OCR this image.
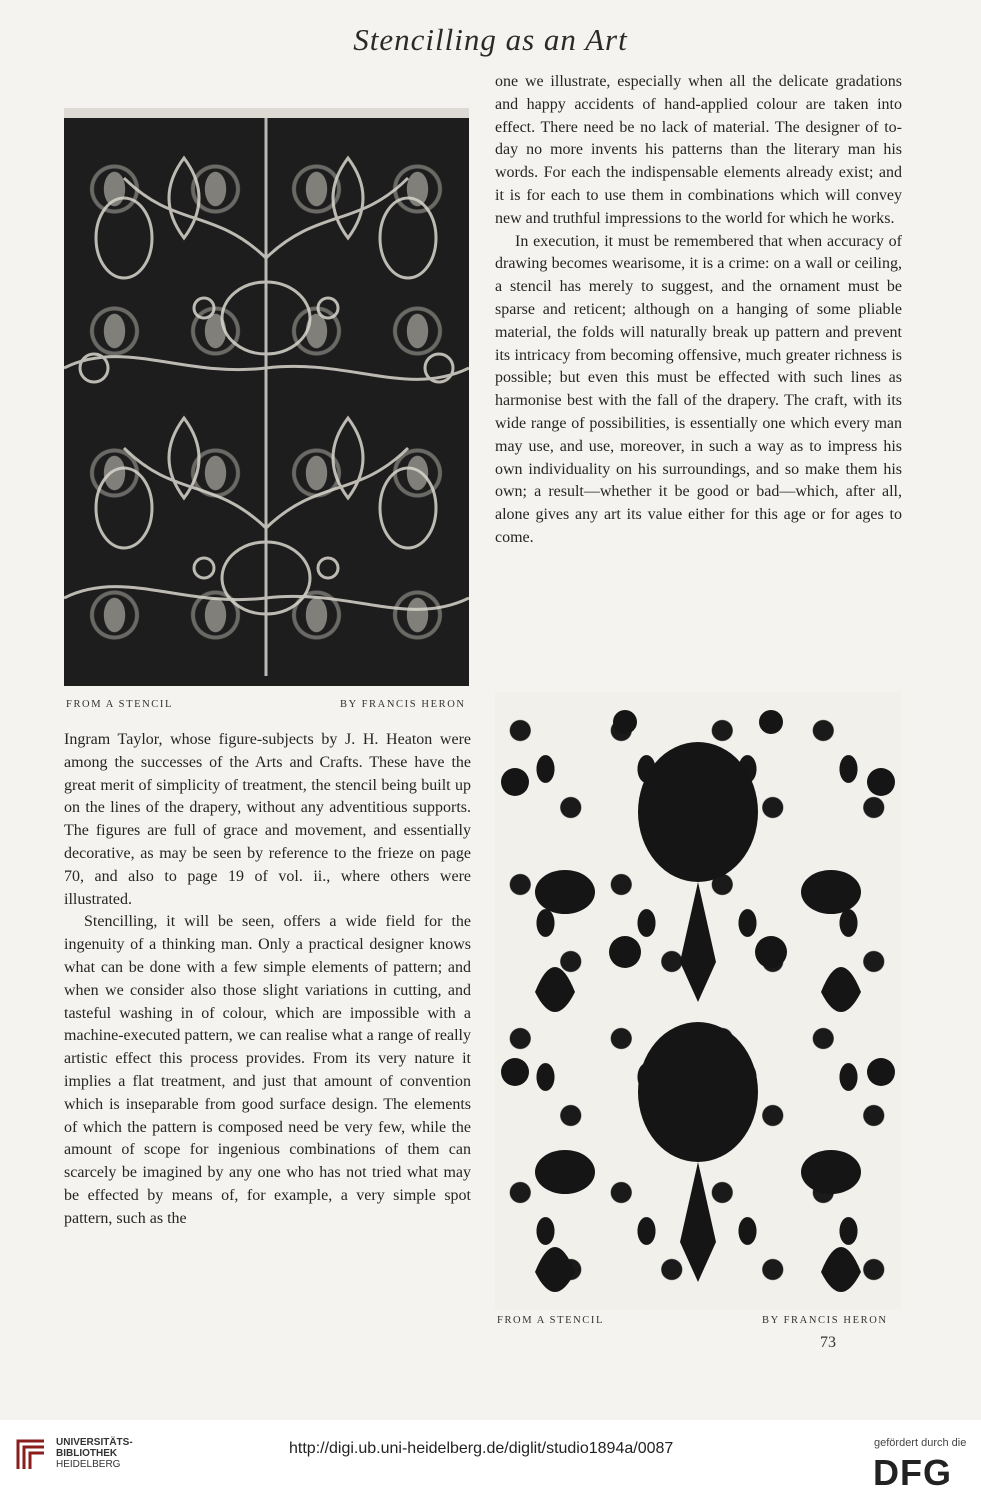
Stencilling as an Art
FROM A STENCIL	BY FRANCIS HERON

one we illustrate, especially when all the delicate gradations and happy accidents of hand-applied colour are taken into effect. There need be no lack of material. The designer of to-day no more invents his patterns than the literary man his words. For each the indispensable elements already exist; and it is for each to use them in combinations which will convey new and truthful impressions to the world for which he works.

In execution, it must be remembered that when accuracy of drawing becomes wearisome, it is a crime: on a wall or ceiling, a stencil has merely to suggest, and the ornament must be sparse and reticent; although on a hanging of some pliable material, the folds will naturally break up pattern and prevent its intricacy from becoming offensive, much greater richness is possible; but even this must be effected with such lines as harmonise best with the fall of the drapery. The craft, with its wide range of possibilities, is essentially one which every man may use, and use, moreover, in such a way as to impress his own individuality on his surroundings, and so make them his own; a result—whether it be good or bad—which, after all, alone gives any art its value either for this age or for ages to come.

FROM A STENCIL	BY FRANCIS HERON

Ingram Taylor, whose figure-subjects by J. H. Heaton were among the successes of the Arts and Crafts. These have the great merit of simplicity of treatment, the stencil being built up on the lines of the drapery, without any adventitious supports. The figures are full of grace and movement, and essentially decorative, as may be seen by reference to the frieze on page 70, and also to page 19 of vol. ii., where others were illustrated.

Stencilling, it will be seen, offers a wide field for the ingenuity of a thinking man. Only a practical designer knows what can be done with a few simple elements of pattern; and when we consider also those slight variations in cutting, and tasteful washing in of colour, which are impossible with a machine-executed pattern, we can realise what a range of really artistic effect this process provides. From its very nature it implies a flat treatment, and just that amount of convention which is inseparable from good surface design. The elements of which the pattern is composed need be very few, while the amount of scope for ingenious combinations of them can scarcely be imagined by any one who has not tried what may be effected by means of, for example, a very simple spot pattern, such as the

73
UNIVERSITÄTS-
BIBLIOTHEK
HEIDELBERG
http://digi.ub.uni-heidelberg.de/diglit/studio1894a/0087	gefördert durch die
DFG
